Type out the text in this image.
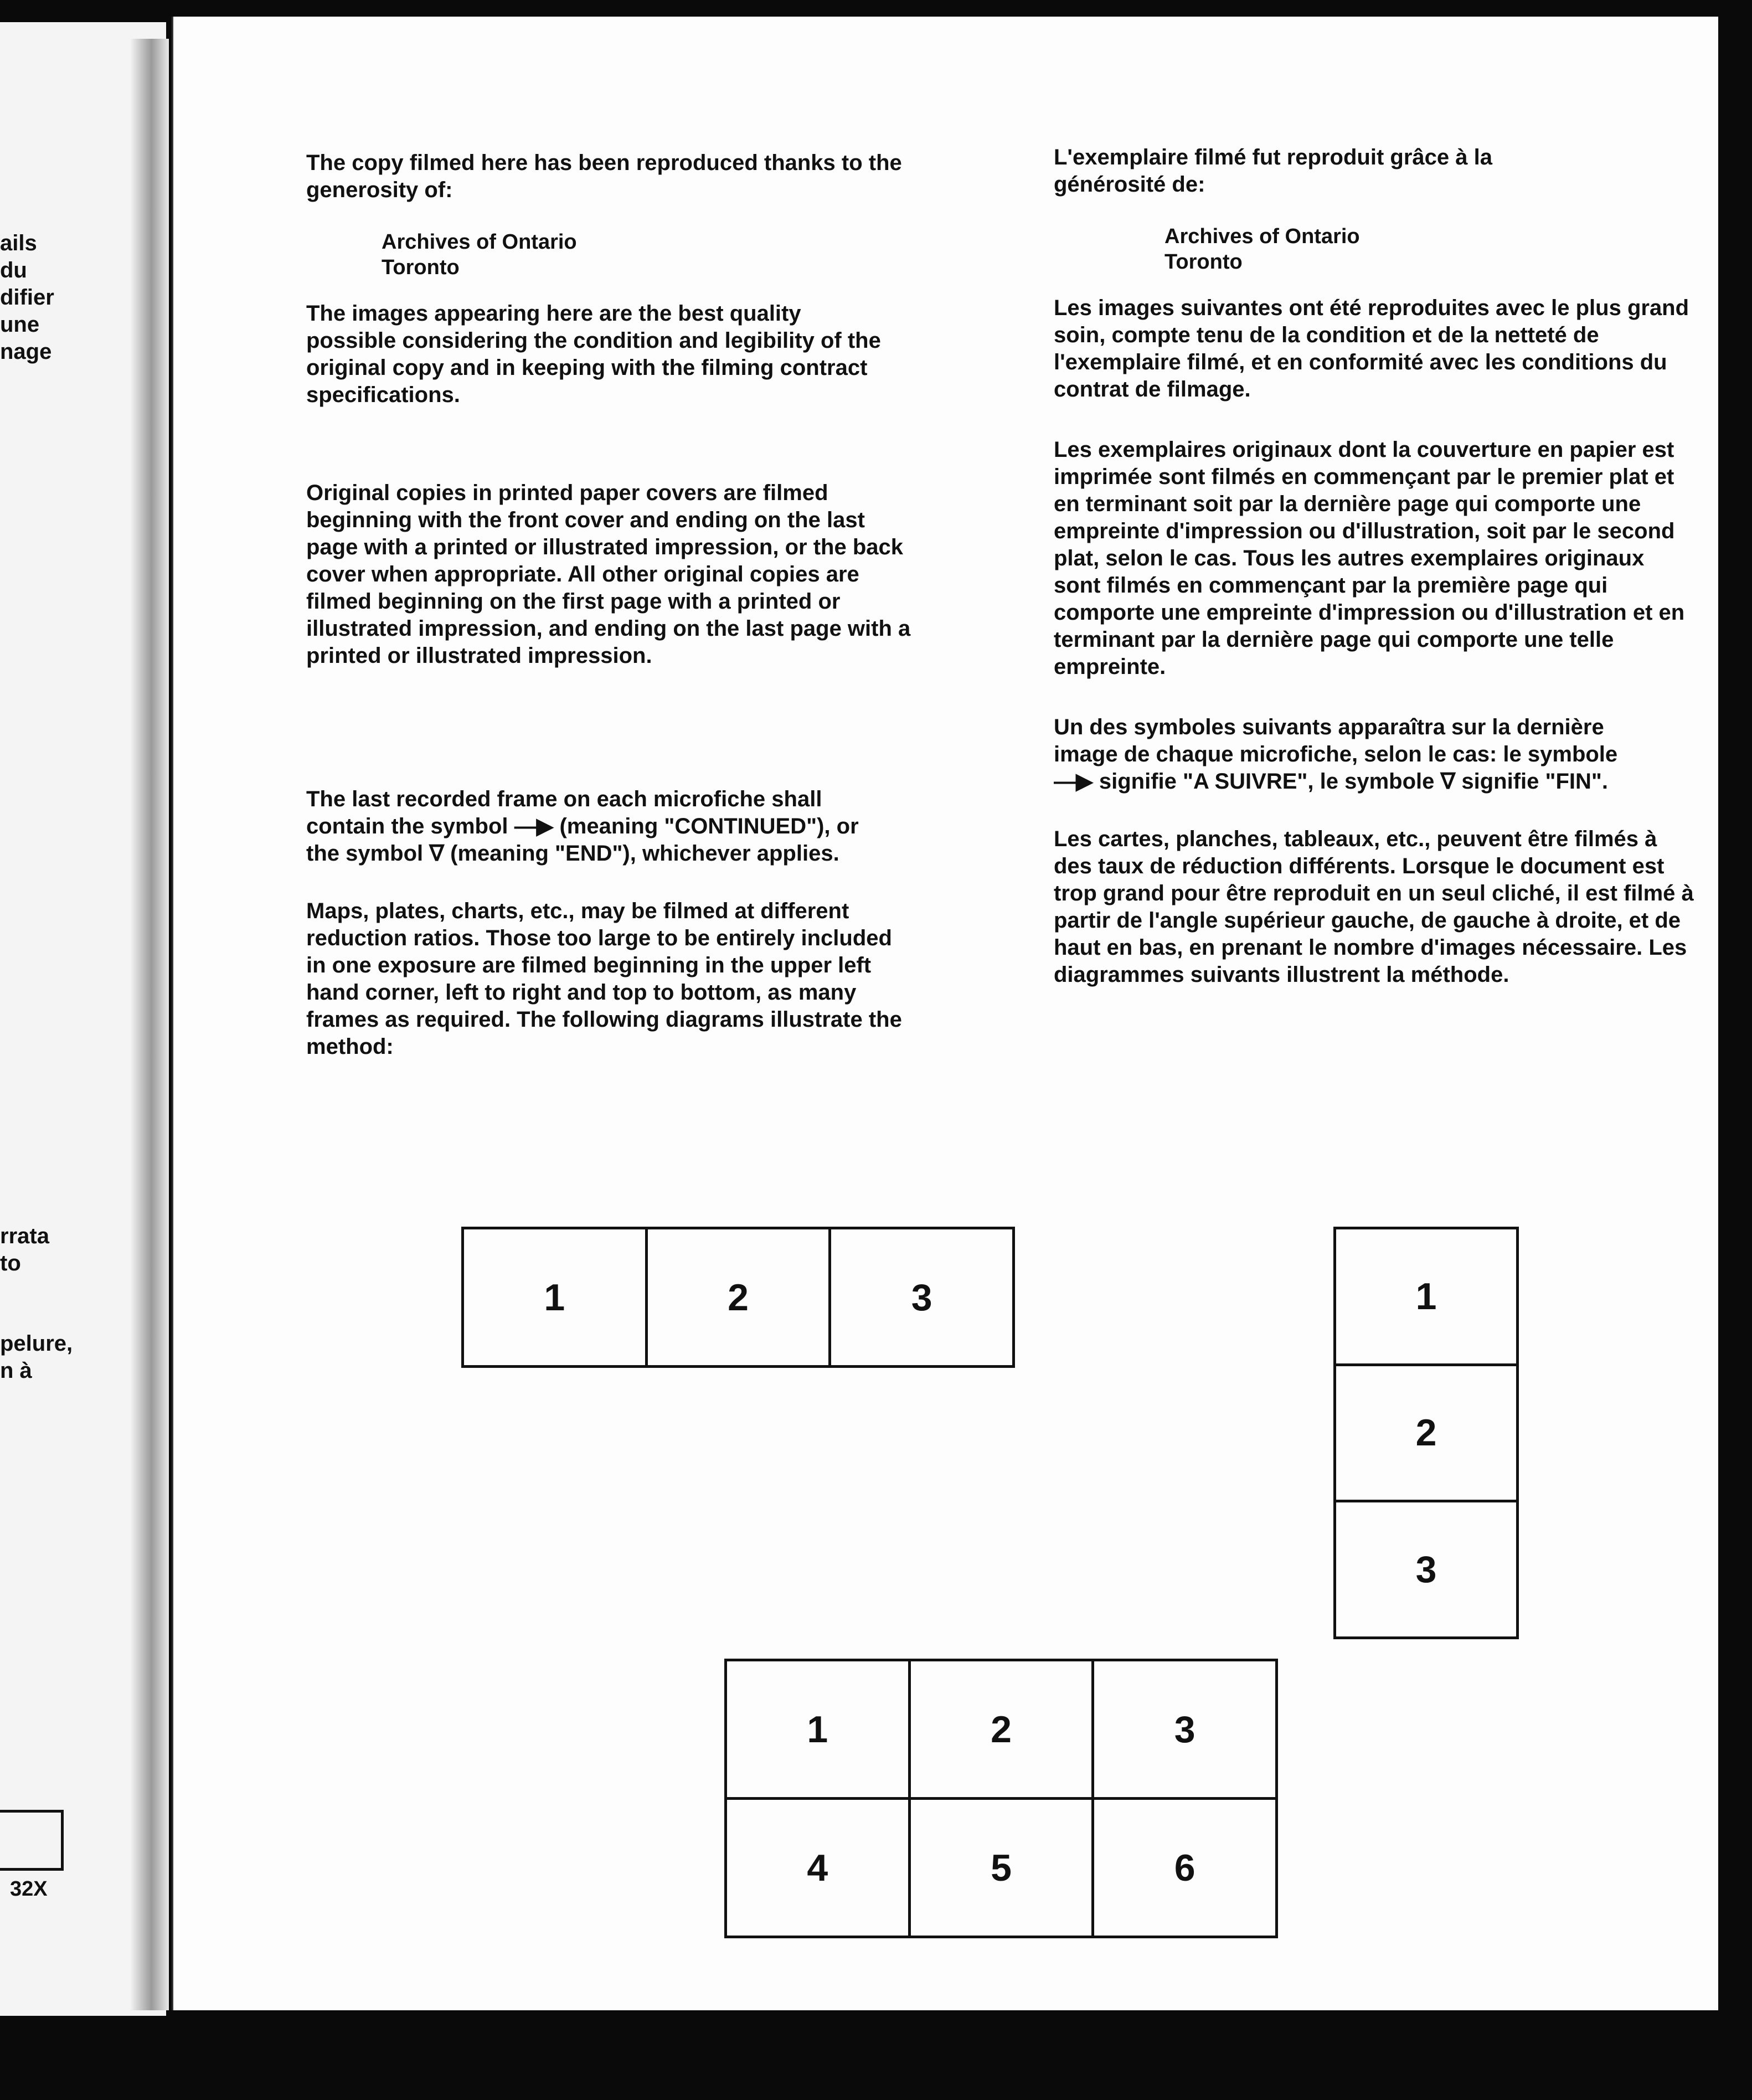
ails
du
difier
une
nage
rrata
to
pelure,
n à
32X

The copy filmed here has been reproduced thanks to the generosity of:

Archives of Ontario

Toronto

The images appearing here are the best quality possible considering the condition and legibility of the original copy and in keeping with the filming contract specifications.

Original copies in printed paper covers are filmed beginning with the front cover and ending on the last page with a printed or illustrated impression, or the back cover when appropriate. All other original copies are filmed beginning on the first page with a printed or illustrated impression, and ending on the last page with a printed or illustrated impression.

The last recorded frame on each microfiche shall contain the symbol —▶ (meaning "CONTINUED"), or the symbol ∇ (meaning "END"), whichever applies.

Maps, plates, charts, etc., may be filmed at different reduction ratios. Those too large to be entirely included in one exposure are filmed beginning in the upper left hand corner, left to right and top to bottom, as many frames as required. The following diagrams illustrate the method:

L'exemplaire filmé fut reproduit grâce à la générosité de:

Archives of Ontario

Toronto

Les images suivantes ont été reproduites avec le plus grand soin, compte tenu de la condition et de la netteté de l'exemplaire filmé, et en conformité avec les conditions du contrat de filmage.

Les exemplaires originaux dont la couverture en papier est imprimée sont filmés en commençant par le premier plat et en terminant soit par la dernière page qui comporte une empreinte d'impression ou d'illustration, soit par le second plat, selon le cas. Tous les autres exemplaires originaux sont filmés en commençant par la première page qui comporte une empreinte d'impression ou d'illustration et en terminant par la dernière page qui comporte une telle empreinte.

Un des symboles suivants apparaîtra sur la dernière image de chaque microfiche, selon le cas: le symbole —▶ signifie "A SUIVRE", le symbole ∇ signifie "FIN".

Les cartes, planches, tableaux, etc., peuvent être filmés à des taux de réduction différents. Lorsque le document est trop grand pour être reproduit en un seul cliché, il est filmé à partir de l'angle supérieur gauche, de gauche à droite, et de haut en bas, en prenant le nombre d'images nécessaire. Les diagrammes suivants illustrent la méthode.

1	2	3	1
2
3
1	2	3
4	5	6
